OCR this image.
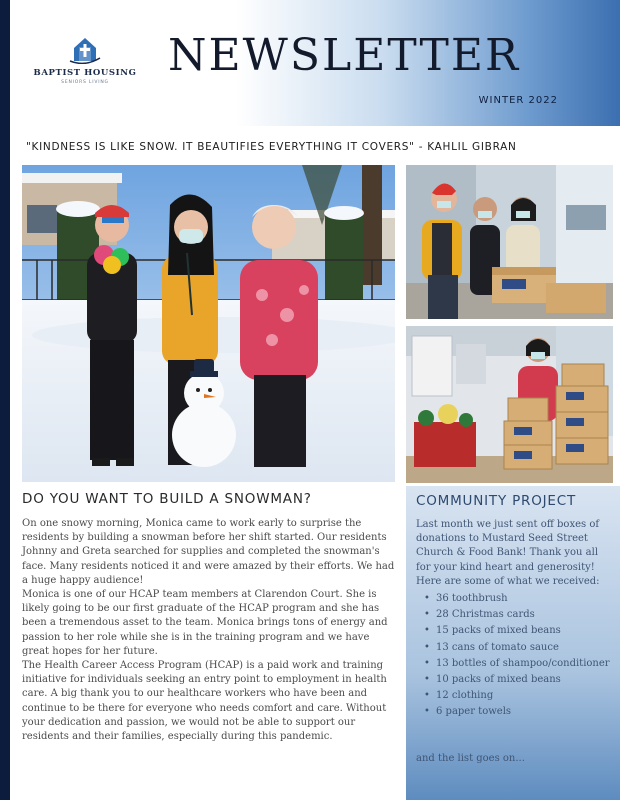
BAPTIST HOUSING
SENIORS LIVING
NEWSLETTER
WINTER 2022
"KINDNESS IS LIKE SNOW. IT BEAUTIFIES EVERYTHING IT COVERS" - KAHLIL GIBRAN
DO YOU WANT TO BUILD A SNOWMAN?
On one snowy morning, Monica came to work early to surprise the residents by building a snowman before her shift started. Our residents Johnny and Greta searched for supplies and completed the snowman's face. Many residents noticed it and were amazed by their efforts. We had a huge happy audience!
Monica is one of our HCAP team members at Clarendon Court. She is likely going to be our first graduate of the HCAP program and she has been a tremendous asset to the team. Monica brings tons of energy and passion to her role while she is in the training program and we have great hopes for her future.
The Health Career Access Program (HCAP) is a paid work and training initiative for individuals seeking an entry point to employment in health care. A big thank you to our healthcare workers who have been and continue to be there for everyone who needs comfort and care. Without your dedication and passion, we would not be able to support our residents and their families, especially during this pandemic.
COMMUNITY PROJECT
Last month we just sent off boxes of donations to Mustard Seed Street Church & Food Bank! Thank you all for your kind heart and generosity! Here are some of what we received:
• 36 toothbrush
• 28 Christmas cards
• 15 packs of mixed beans
• 13 cans of tomato sauce
• 13 bottles of shampoo/conditioner
• 10 packs of mixed beans
• 12 clothing
• 6 paper towels
and the list goes on...
